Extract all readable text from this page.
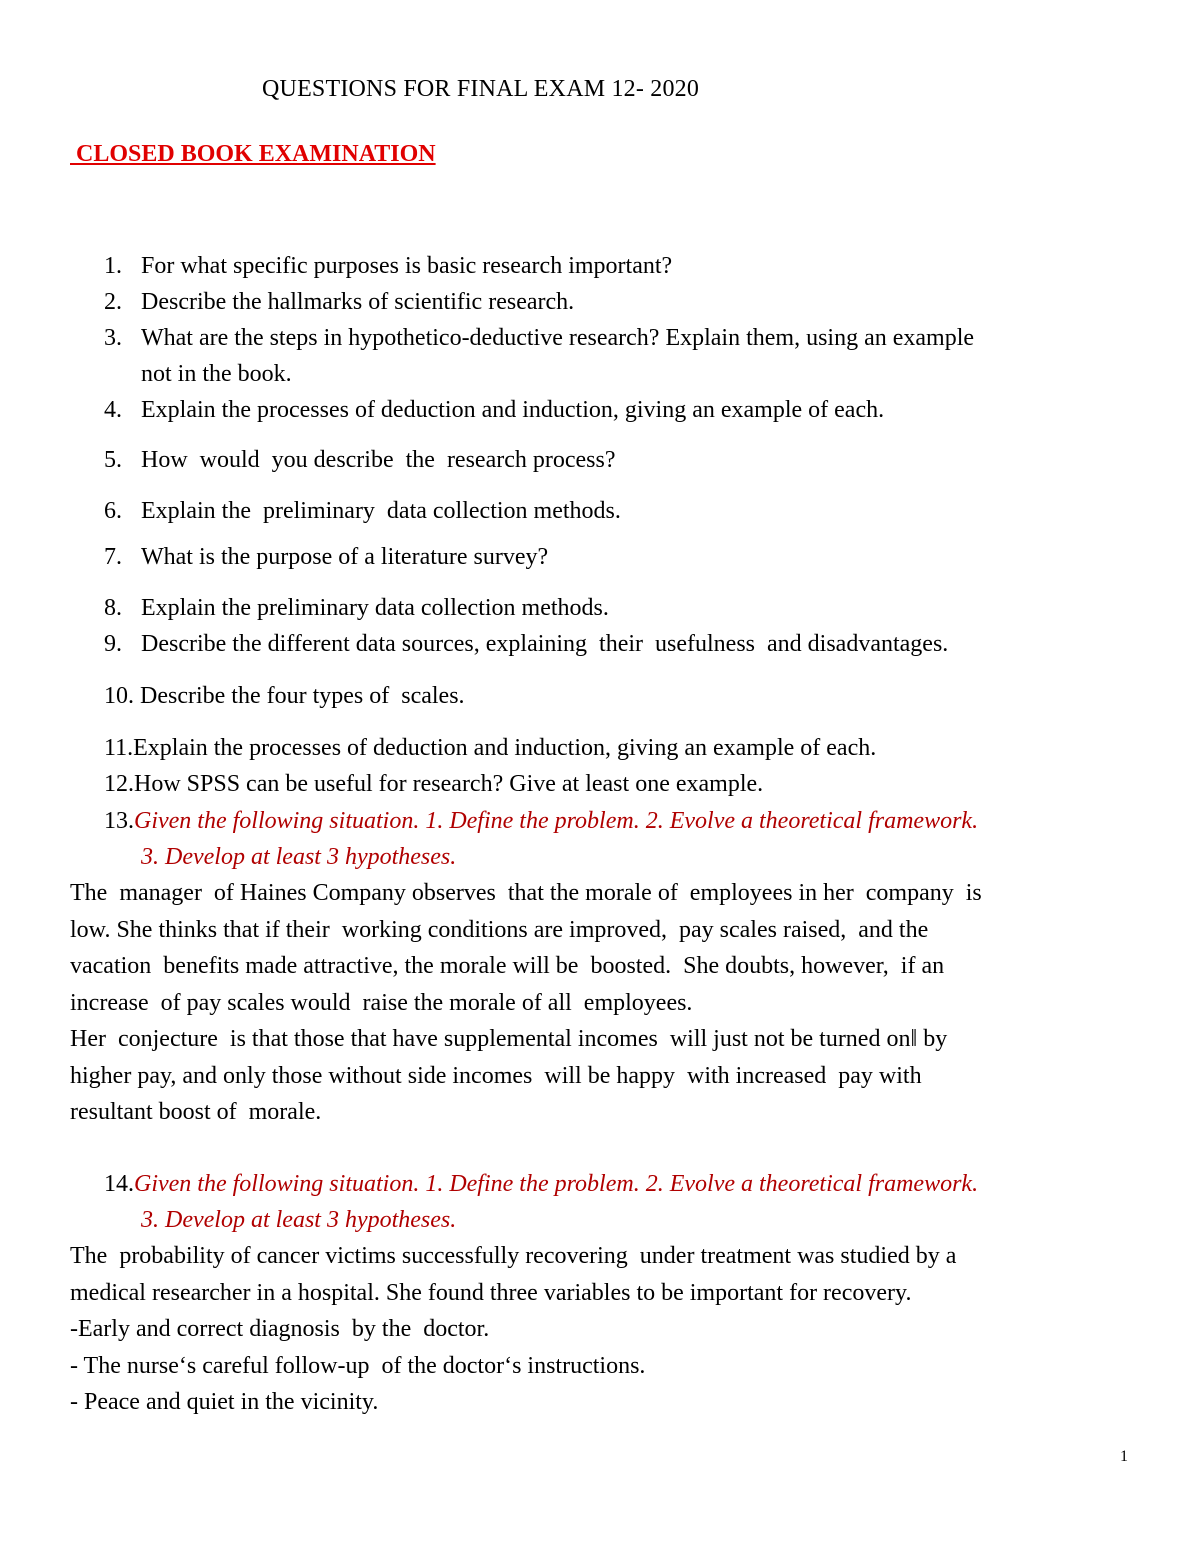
QUESTIONS FOR FINAL EXAM 12- 2020
CLOSED BOOK EXAMINATION
1. For what specific purposes is basic research important?
2. Describe the hallmarks of scientific research.
3. What are the steps in hypothetico-deductive research? Explain them, using an example
not in the book.
4. Explain the processes of deduction and induction, giving an example of each.
5. How  would  you describe  the  research process?
6. Explain the  preliminary  data collection methods.
7. What is the purpose of a literature survey?
8. Explain the preliminary data collection methods.
9. Describe the different data sources, explaining  their  usefulness  and disadvantages.
10. Describe the four types of  scales.
11.Explain the processes of deduction and induction, giving an example of each.
12.How SPSS can be useful for research? Give at least one example.
13.Given the following situation. 1. Define the problem. 2. Evolve a theoretical framework.
3. Develop at least 3 hypotheses.
The  manager  of Haines Company observes  that the morale of  employees in her  company  is
low. She thinks that if their  working conditions are improved,  pay scales raised,  and the
vacation  benefits made attractive, the morale will be  boosted.  She doubts, however,  if an
increase  of pay scales would  raise the morale of all  employees.
Her  conjecture  is that those that have supplemental incomes  will just not be turned on‖ by
higher pay, and only those without side incomes  will be happy  with increased  pay with
resultant boost of  morale.
14.Given the following situation. 1. Define the problem. 2. Evolve a theoretical framework.
3. Develop at least 3 hypotheses.
The  probability of cancer victims successfully recovering  under treatment was studied by a
medical researcher in a hospital. She found three variables to be important for recovery.
-Early and correct diagnosis  by the  doctor.
- The nurse‘s careful follow-up  of the doctor‘s instructions.
- Peace and quiet in the vicinity.
1
